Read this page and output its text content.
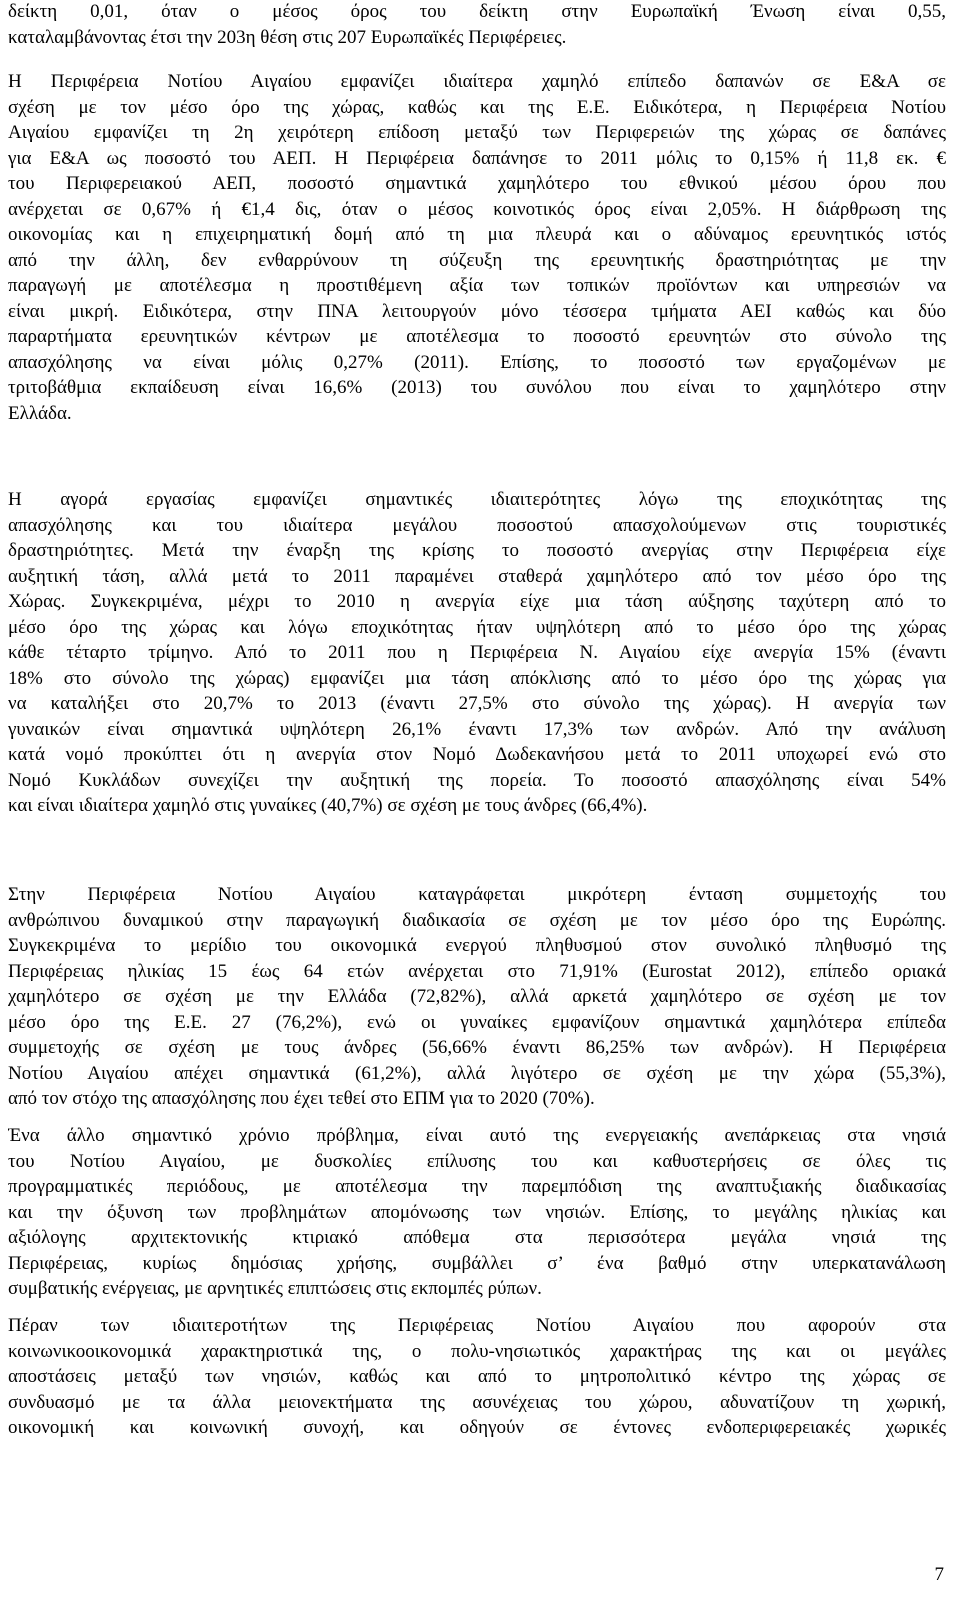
δείκτη 0,01, όταν ο μέσος όρος του δείκτη στην Ευρωπαϊκή Ένωση είναι 0,55,
καταλαμβάνοντας έτσι την 203η θέση στις 207 Ευρωπαϊκές Περιφέρειες.
Η Περιφέρεια Νοτίου Αιγαίου εμφανίζει ιδιαίτερα χαμηλό επίπεδο δαπανών σε Ε&Α σε
σχέση με τον μέσο όρο της χώρας, καθώς και της Ε.Ε. Ειδικότερα, η Περιφέρεια Νοτίου
Αιγαίου εμφανίζει τη 2η χειρότερη επίδοση μεταξύ των Περιφερειών της χώρας σε δαπάνες
για Ε&Α ως ποσοστό του ΑΕΠ. Η Περιφέρεια δαπάνησε το 2011 μόλις το 0,15% ή 11,8 εκ. €
του Περιφερειακού ΑΕΠ, ποσοστό σημαντικά χαμηλότερο του εθνικού μέσου όρου που
ανέρχεται σε 0,67% ή €1,4 δις, όταν ο μέσος κοινοτικός όρος είναι 2,05%. Η διάρθρωση της
οικονομίας και η επιχειρηματική δομή από τη μια πλευρά και ο αδύναμος ερευνητικός ιστός
από την άλλη, δεν ενθαρρύνουν τη σύζευξη της ερευνητικής δραστηριότητας με την
παραγωγή με αποτέλεσμα η προστιθέμενη αξία των τοπικών προϊόντων και υπηρεσιών να
είναι μικρή. Ειδικότερα, στην ΠΝΑ λειτουργούν μόνο τέσσερα τμήματα ΑΕΙ καθώς και δύο
παραρτήματα ερευνητικών κέντρων με αποτέλεσμα το ποσοστό ερευνητών στο σύνολο της
απασχόλησης να είναι μόλις 0,27% (2011). Επίσης, το ποσοστό των εργαζομένων με
τριτοβάθμια εκπαίδευση είναι 16,6% (2013) του συνόλου που είναι το χαμηλότερο στην
Ελλάδα.
Η αγορά εργασίας εμφανίζει σημαντικές ιδιαιτερότητες λόγω της εποχικότητας της
απασχόλησης και του ιδιαίτερα μεγάλου ποσοστού απασχολούμενων στις τουριστικές
δραστηριότητες. Μετά την έναρξη της κρίσης το ποσοστό ανεργίας στην Περιφέρεια είχε
αυξητική τάση, αλλά μετά το 2011 παραμένει σταθερά χαμηλότερο από τον μέσο όρο της
Χώρας. Συγκεκριμένα, μέχρι το 2010 η ανεργία είχε μια τάση αύξησης ταχύτερη από το
μέσο όρο της χώρας και λόγω εποχικότητας ήταν υψηλότερη από το μέσο όρο της χώρας
κάθε τέταρτο τρίμηνο. Από το 2011 που η Περιφέρεια Ν. Αιγαίου είχε ανεργία 15% (έναντι
18% στο σύνολο της χώρας) εμφανίζει μια τάση απόκλισης από το μέσο όρο της χώρας για
να καταλήξει στο 20,7% το 2013 (έναντι 27,5% στο σύνολο της χώρας). Η ανεργία των
γυναικών είναι σημαντικά υψηλότερη 26,1% έναντι 17,3% των ανδρών. Από την ανάλυση
κατά νομό προκύπτει ότι η ανεργία στον Νομό Δωδεκανήσου μετά το 2011 υποχωρεί ενώ στο
Νομό Κυκλάδων συνεχίζει την αυξητική της πορεία. Το ποσοστό απασχόλησης είναι 54%
και είναι ιδιαίτερα χαμηλό στις γυναίκες (40,7%) σε σχέση με τους άνδρες (66,4%).
Στην Περιφέρεια Νοτίου Αιγαίου καταγράφεται μικρότερη ένταση συμμετοχής του
ανθρώπινου δυναμικού στην παραγωγική διαδικασία σε σχέση με τον μέσο όρο της Ευρώπης.
Συγκεκριμένα το μερίδιο του οικονομικά ενεργού πληθυσμού στον συνολικό πληθυσμό της
Περιφέρειας ηλικίας 15 έως 64 ετών ανέρχεται στο 71,91% (Eurostat 2012), επίπεδο οριακά
χαμηλότερο σε σχέση με την Ελλάδα (72,82%), αλλά αρκετά χαμηλότερο σε σχέση με τον
μέσο όρο της Ε.Ε. 27 (76,2%), ενώ οι γυναίκες εμφανίζουν σημαντικά χαμηλότερα επίπεδα
συμμετοχής σε σχέση με τους άνδρες (56,66% έναντι 86,25% των ανδρών). Η Περιφέρεια
Νοτίου Αιγαίου απέχει σημαντικά (61,2%), αλλά λιγότερο σε σχέση με την χώρα (55,3%),
από τον στόχο της απασχόλησης που έχει τεθεί στο ΕΠΜ για το 2020 (70%).
Ένα άλλο σημαντικό χρόνιο πρόβλημα, είναι αυτό της ενεργειακής ανεπάρκειας στα νησιά
του Νοτίου Αιγαίου, με δυσκολίες επίλυσης του και καθυστερήσεις σε όλες τις
προγραμματικές περιόδους, με αποτέλεσμα την παρεμπόδιση της αναπτυξιακής διαδικασίας
και την όξυνση των προβλημάτων απομόνωσης των νησιών. Επίσης, το μεγάλης ηλικίας και
αξιόλογης αρχιτεκτονικής κτιριακό απόθεμα στα περισσότερα μεγάλα νησιά της
Περιφέρειας, κυρίως δημόσιας χρήσης, συμβάλλει σ’ ένα βαθμό στην υπερκατανάλωση
συμβατικής ενέργειας, με αρνητικές επιπτώσεις στις εκπομπές ρύπων.
Πέραν των ιδιαιτεροτήτων της Περιφέρειας Νοτίου Αιγαίου που αφορούν στα
κοινωνικοοικονομικά χαρακτηριστικά της, ο πολυ-νησιωτικός χαρακτήρας της και οι μεγάλες
αποστάσεις μεταξύ των νησιών, καθώς και από το μητροπολιτικό κέντρο της χώρας σε
συνδυασμό με τα άλλα μειονεκτήματα της ασυνέχειας του χώρου, αδυνατίζουν τη χωρική,
οικονομική και κοινωνική συνοχή, και οδηγούν σε έντονες ενδοπεριφερειακές χωρικές
7
